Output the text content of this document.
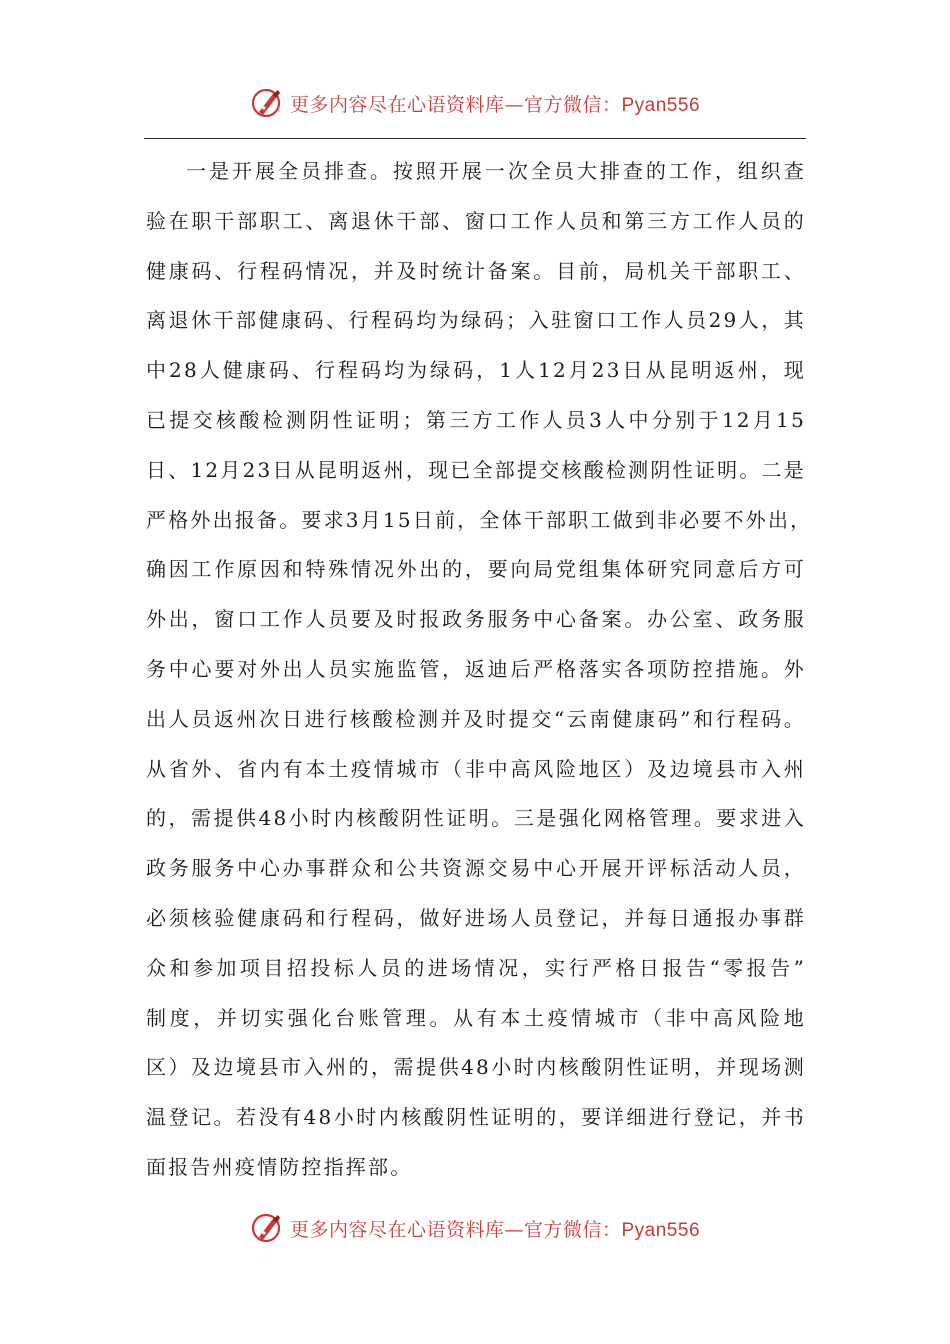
更多内容尽在心语资料库—官方微信：Pyan556
一是开展全员排查。按照开展一次全员大排查的工作，组织查
验在职干部职工、离退休干部、窗口工作人员和第三方工作人员的
健康码、行程码情况，并及时统计备案。目前，局机关干部职工、
离退休干部健康码、行程码均为绿码；入驻窗口工作人员29人，其
中28人健康码、行程码均为绿码，1人12月23日从昆明返州，现
已提交核酸检测阴性证明；第三方工作人员3人中分别于12月15
日、12月23日从昆明返州，现已全部提交核酸检测阴性证明。二是
严格外出报备。要求3月15日前，全体干部职工做到非必要不外出，
确因工作原因和特殊情况外出的，要向局党组集体研究同意后方可
外出，窗口工作人员要及时报政务服务中心备案。办公室、政务服
务中心要对外出人员实施监管，返迪后严格落实各项防控措施。外
出人员返州次日进行核酸检测并及时提交“云南健康码”和行程码。
从省外、省内有本土疫情城市（非中高风险地区）及边境县市入州
的，需提供48小时内核酸阴性证明。三是强化网格管理。要求进入
政务服务中心办事群众和公共资源交易中心开展开评标活动人员，
必须核验健康码和行程码，做好进场人员登记，并每日通报办事群
众和参加项目招投标人员的进场情况，实行严格日报告“零报告”
制度，并切实强化台账管理。从有本土疫情城市（非中高风险地
区）及边境县市入州的，需提供48小时内核酸阴性证明，并现场测
温登记。若没有48小时内核酸阴性证明的，要详细进行登记，并书
面报告州疫情防控指挥部。
更多内容尽在心语资料库—官方微信：Pyan556
